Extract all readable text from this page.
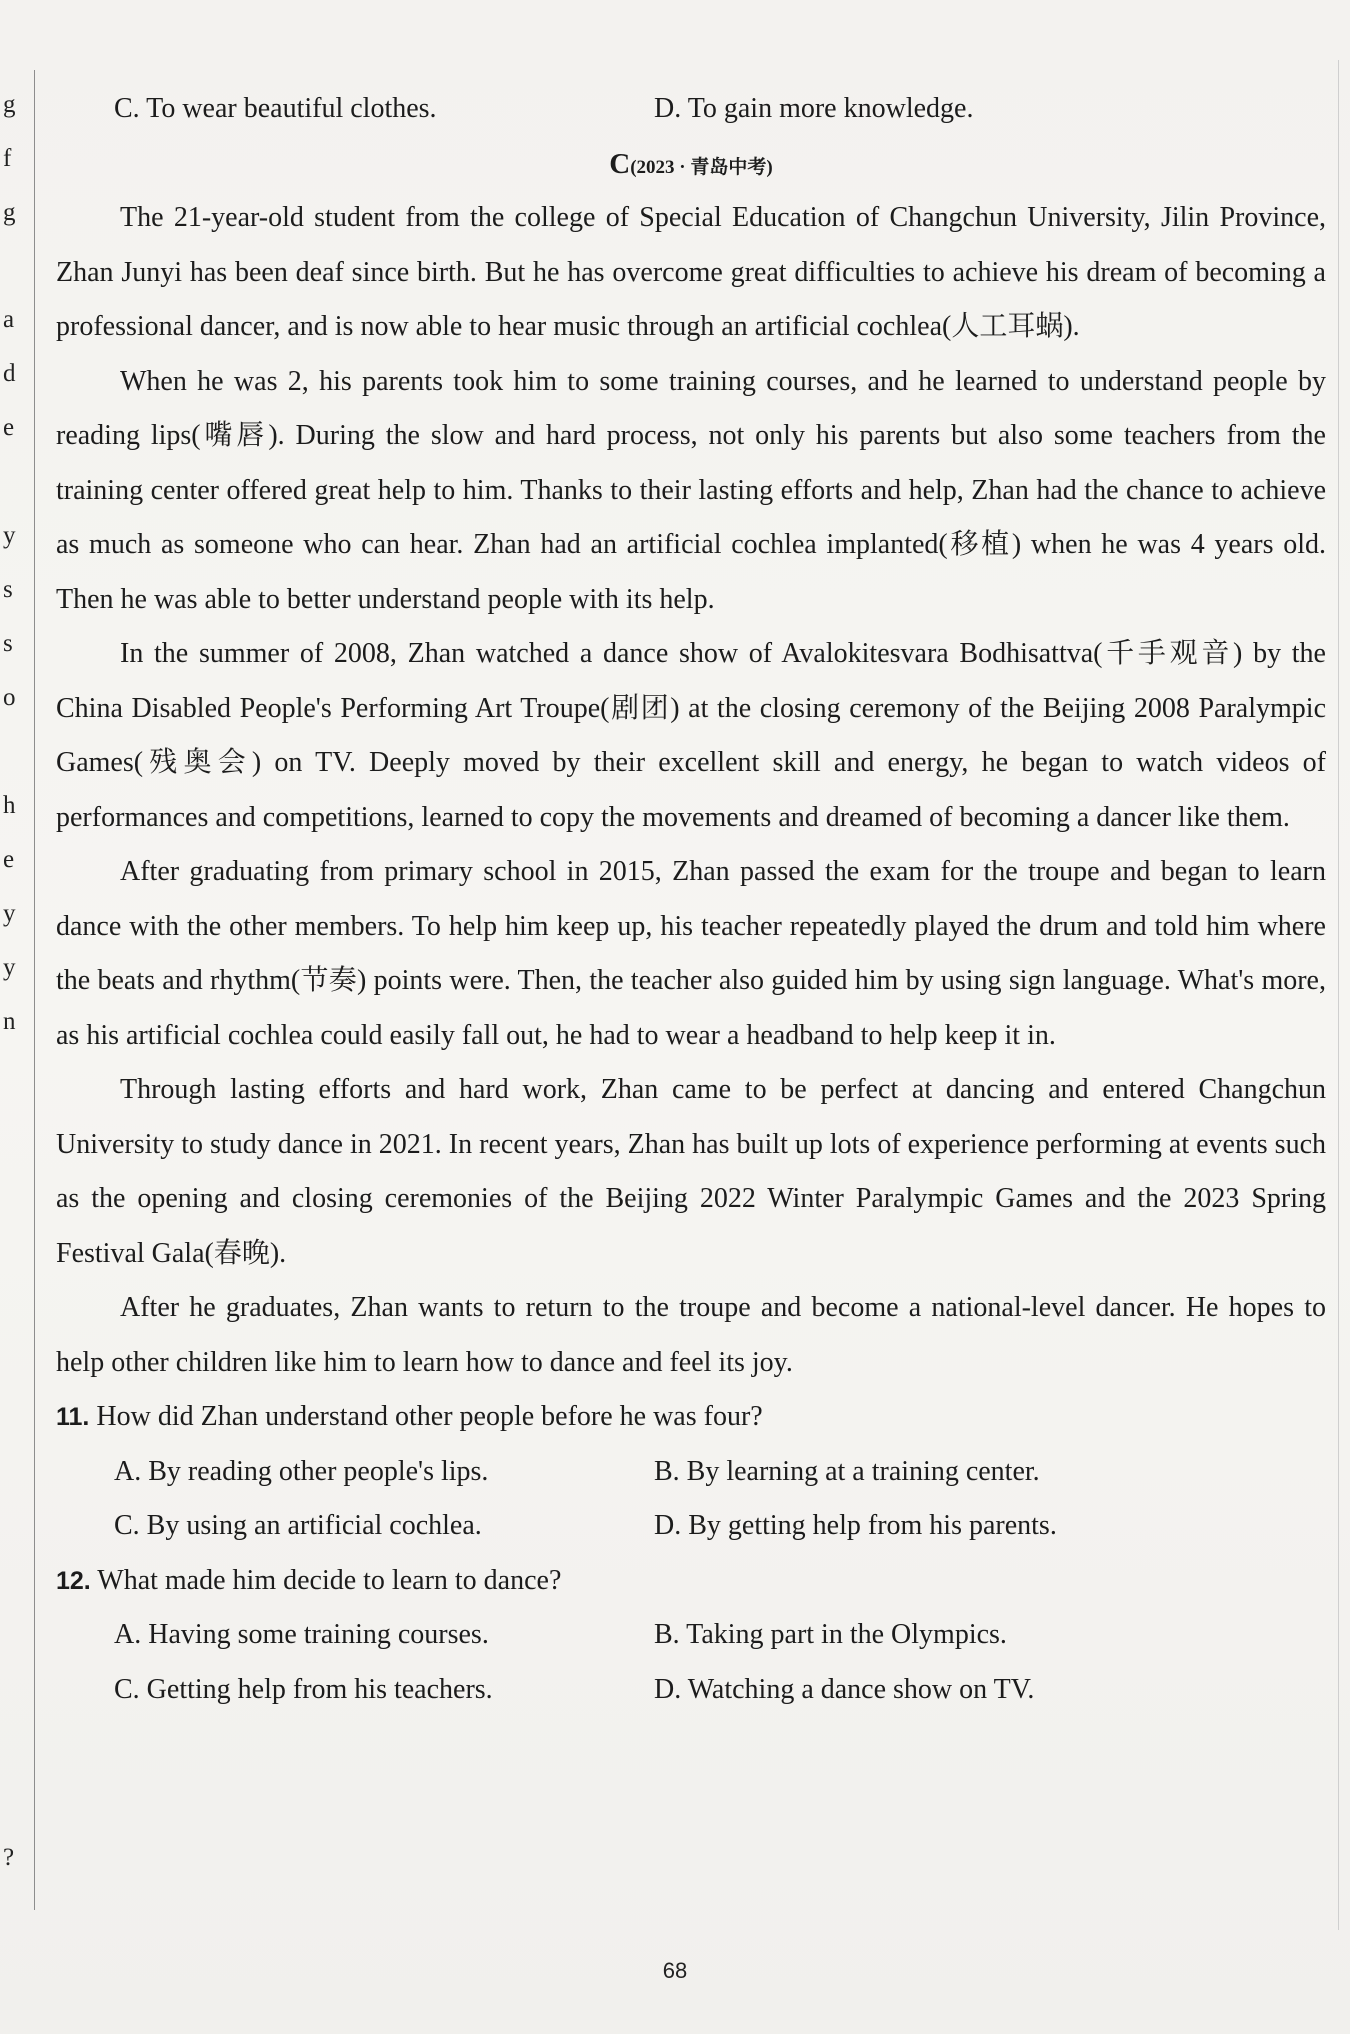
g
f
g
a
d
e
y
s
s
o
h
e
y
y
n
?
C. To wear beautiful clothes.	D. To gain more knowledge.
C(2023 · 青岛中考)

The 21-year-old student from the college of Special Education of Changchun University, Jilin Province, Zhan Junyi has been deaf since birth. But he has overcome great difficulties to achieve his dream of becoming a professional dancer, and is now able to hear music through an artificial cochlea(人工耳蜗).

When he was 2, his parents took him to some training courses, and he learned to understand people by reading lips(嘴唇). During the slow and hard process, not only his parents but also some teachers from the training center offered great help to him. Thanks to their lasting efforts and help, Zhan had the chance to achieve as much as someone who can hear. Zhan had an artificial cochlea implanted(移植) when he was 4 years old. Then he was able to better understand people with its help.

In the summer of 2008, Zhan watched a dance show of Avalokitesvara Bodhisattva(千手观音) by the China Disabled People's Performing Art Troupe(剧团) at the closing ceremony of the Beijing 2008 Paralympic Games(残奥会) on TV. Deeply moved by their excellent skill and energy, he began to watch videos of performances and competitions, learned to copy the movements and dreamed of becoming a dancer like them.

After graduating from primary school in 2015, Zhan passed the exam for the troupe and began to learn dance with the other members. To help him keep up, his teacher repeatedly played the drum and told him where the beats and rhythm(节奏) points were. Then, the teacher also guided him by using sign language. What's more, as his artificial cochlea could easily fall out, he had to wear a headband to help keep it in.

Through lasting efforts and hard work, Zhan came to be perfect at dancing and entered Changchun University to study dance in 2021. In recent years, Zhan has built up lots of experience performing at events such as the opening and closing ceremonies of the Beijing 2022 Winter Paralympic Games and the 2023 Spring Festival Gala(春晚).

After he graduates, Zhan wants to return to the troupe and become a national-level dancer. He hopes to help other children like him to learn how to dance and feel its joy.

11. How did Zhan understand other people before he was four?
A. By reading other people's lips.	B. By learning at a training center.
C. By using an artificial cochlea.	D. By getting help from his parents.
12. What made him decide to learn to dance?
A. Having some training courses.	B. Taking part in the Olympics.
C. Getting help from his teachers.	D. Watching a dance show on TV.
68
